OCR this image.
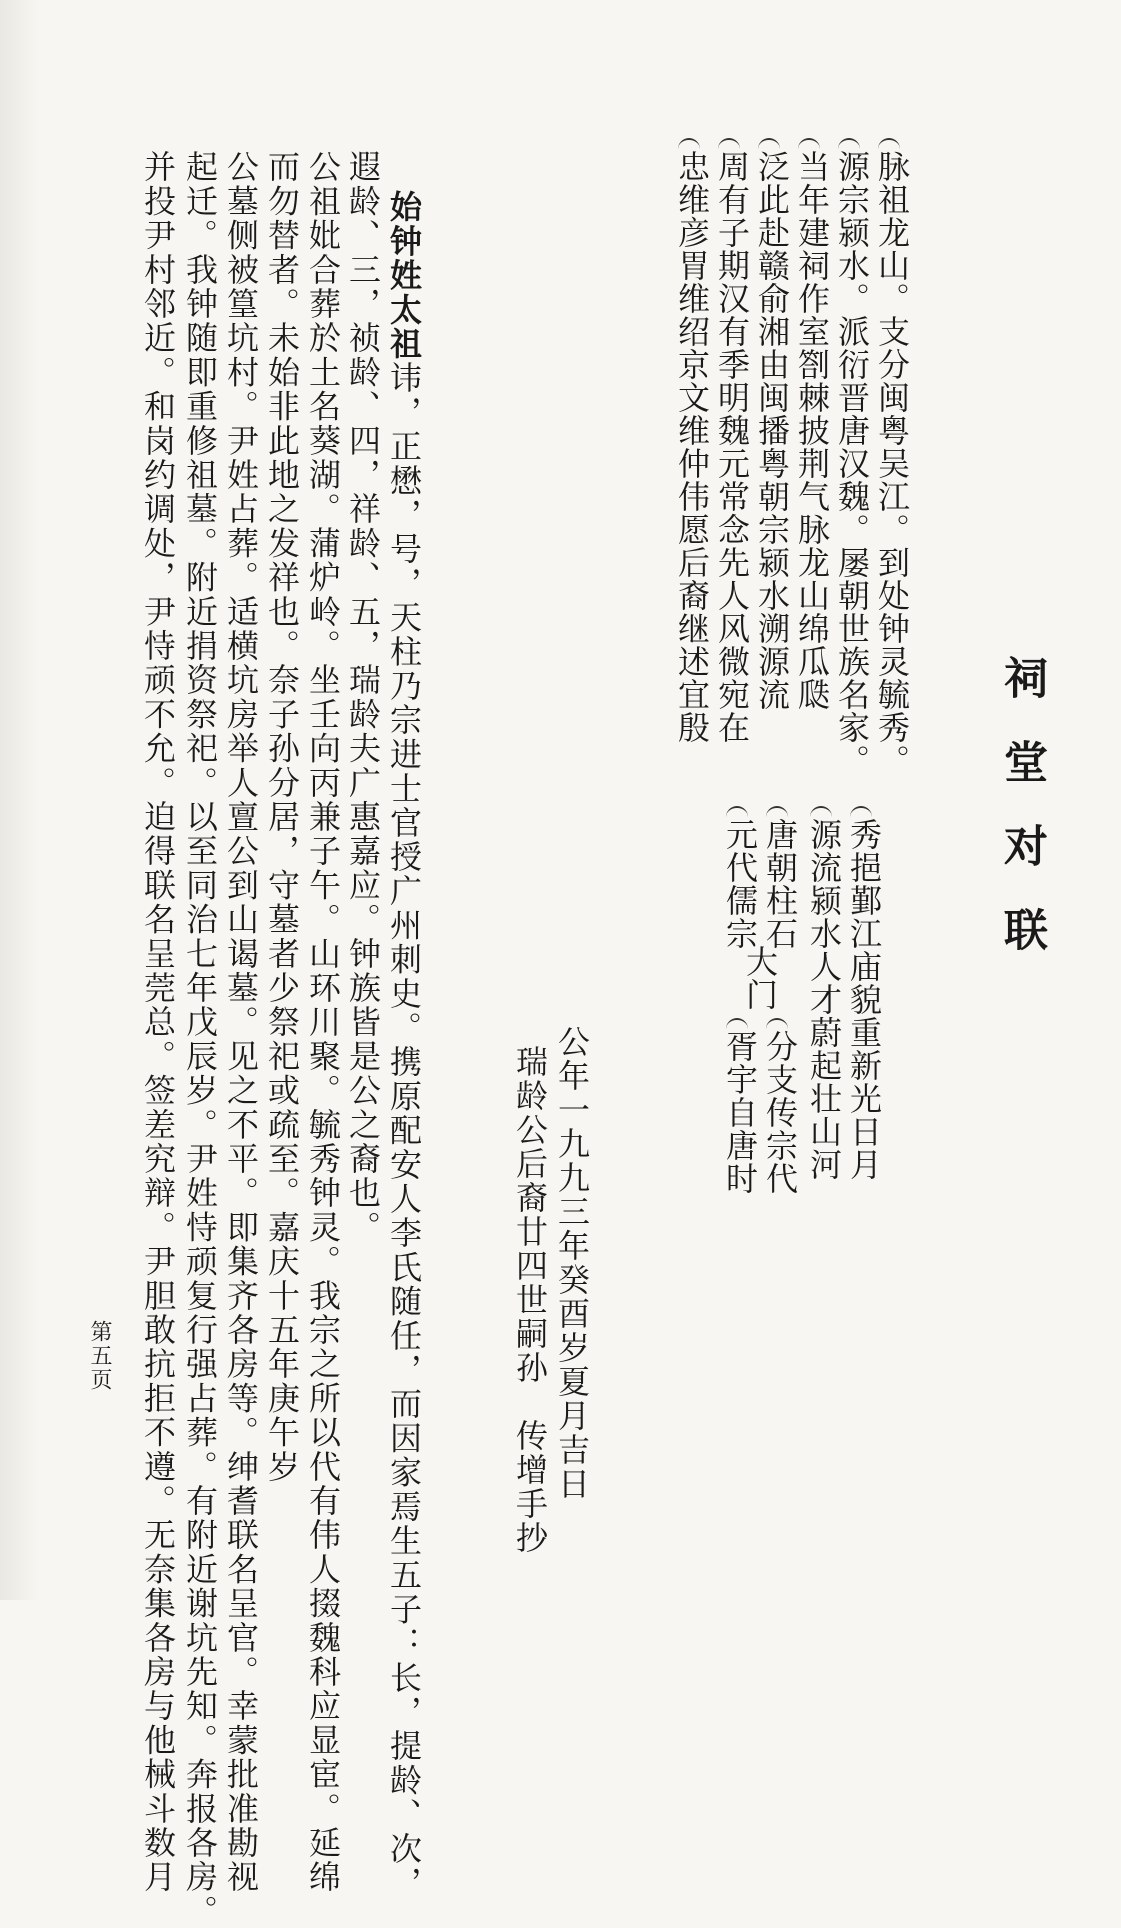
祠堂对联
脉祖龙山。支分闽粤吴江。到处钟灵毓秀。
源宗颍水。派衍晋唐汉魏。屡朝世族名家。
当年建祠作室劄棘披荆气脉龙山绵瓜瓞
泛此赴赣俞湘由闽播粤朝宗颍水溯源流
周有子期汉有季明魏元常念先人风微宛在
忠维彦胃维绍京文维仲伟愿后裔继述宜殷
秀挹鄞江庙貌重新光日月
源流颍水人才蔚起壮山河
唐朝柱石
元代儒宗
大门
分支传宗代
胥宇自唐时
公年一九九三年癸酉岁夏月吉日
瑞龄公后裔廿四世嗣孙　传增手抄
始钟姓太祖讳，正懋，号，天柱乃宗进士官授广州刺史。携原配安人李氏随任，而因家焉生五子：长，提龄、次，
遐龄、三，祯龄、四，祥龄、五，瑞龄夫广惠嘉应。钟族皆是公之裔也。
公祖妣合葬於土名葵湖。蒲炉岭。坐壬向丙兼子午。山环川聚。毓秀钟灵。我宗之所以代有伟人掇魏科应显宦。延绵
而勿替者。未始非此地之发祥也。奈子孙分居，守墓者少祭祀或疏至。嘉庆十五年庚午岁
公墓侧被篁坑村。尹姓占葬。适横坑房举人亶公到山谒墓。见之不平。即集齐各房等。绅耆联名呈官。幸蒙批准勘视
起迁。我钟随即重修祖墓。附近捐资祭祀。以至同治七年戊辰岁。尹姓恃顽复行强占葬。有附近谢坑先知。奔报各房。
并投尹村邻近。和岗约调处，尹恃顽不允。迫得联名呈莞总。签差究辩。尹胆敢抗拒不遵。无奈集各房与他械斗数月
第五页
